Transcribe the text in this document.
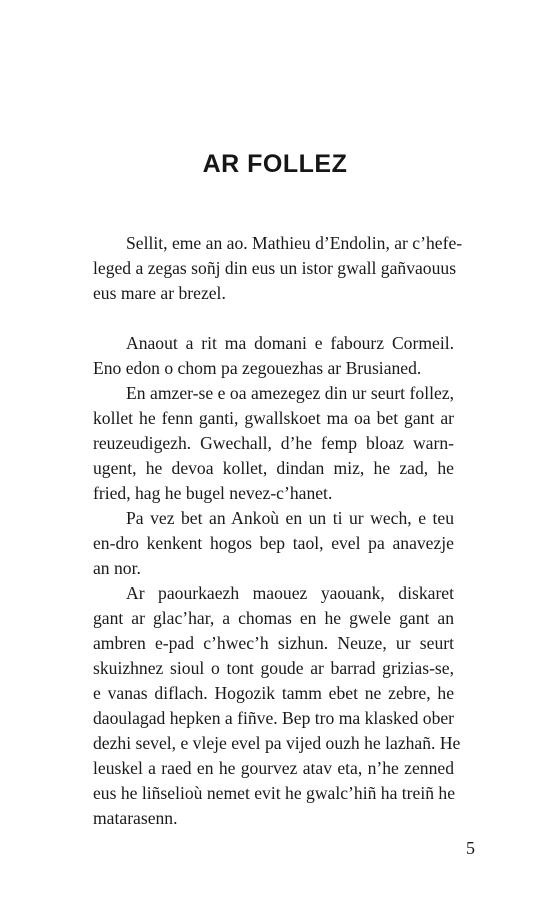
AR FOLLEZ

Sellit, eme an ao. Mathieu d’Endolin, ar c’hefe-
leged a zegas soñj din eus un istor gwall gañvaouus
eus mare ar brezel.

Anaout a rit ma domani e fabourz Cormeil.
Eno edon o chom pa zegouezhas ar Brusianed.

En amzer-se e oa amezegez din ur seurt follez,
kollet he fenn ganti, gwallskoet ma oa bet gant ar
reuzeudigezh. Gwechall, d’he femp bloaz warn-
ugent, he devoa kollet, dindan miz, he zad, he
fried, hag he bugel nevez-c’hanet.

Pa vez bet an Ankoù en un ti ur wech, e teu
en-dro kenkent hogos bep taol, evel pa anavezje
an nor.

Ar paourkaezh maouez yaouank, diskaret
gant ar glac’har, a chomas en he gwele gant an
ambren e-pad c’hwec’h sizhun. Neuze, ur seurt
skuizhnez sioul o tont goude ar barrad grizias-se,
e vanas diflach. Hogozik tamm ebet ne zebre, he
daoulagad hepken a fiñve. Bep tro ma klasked ober
dezhi sevel, e vleje evel pa vijed ouzh he lazhañ. He
leuskel a raed en he gourvez atav eta, n’he zenned
eus he liñselioù nemet evit he gwalc’hiñ ha treiñ he
matarasenn.

5
